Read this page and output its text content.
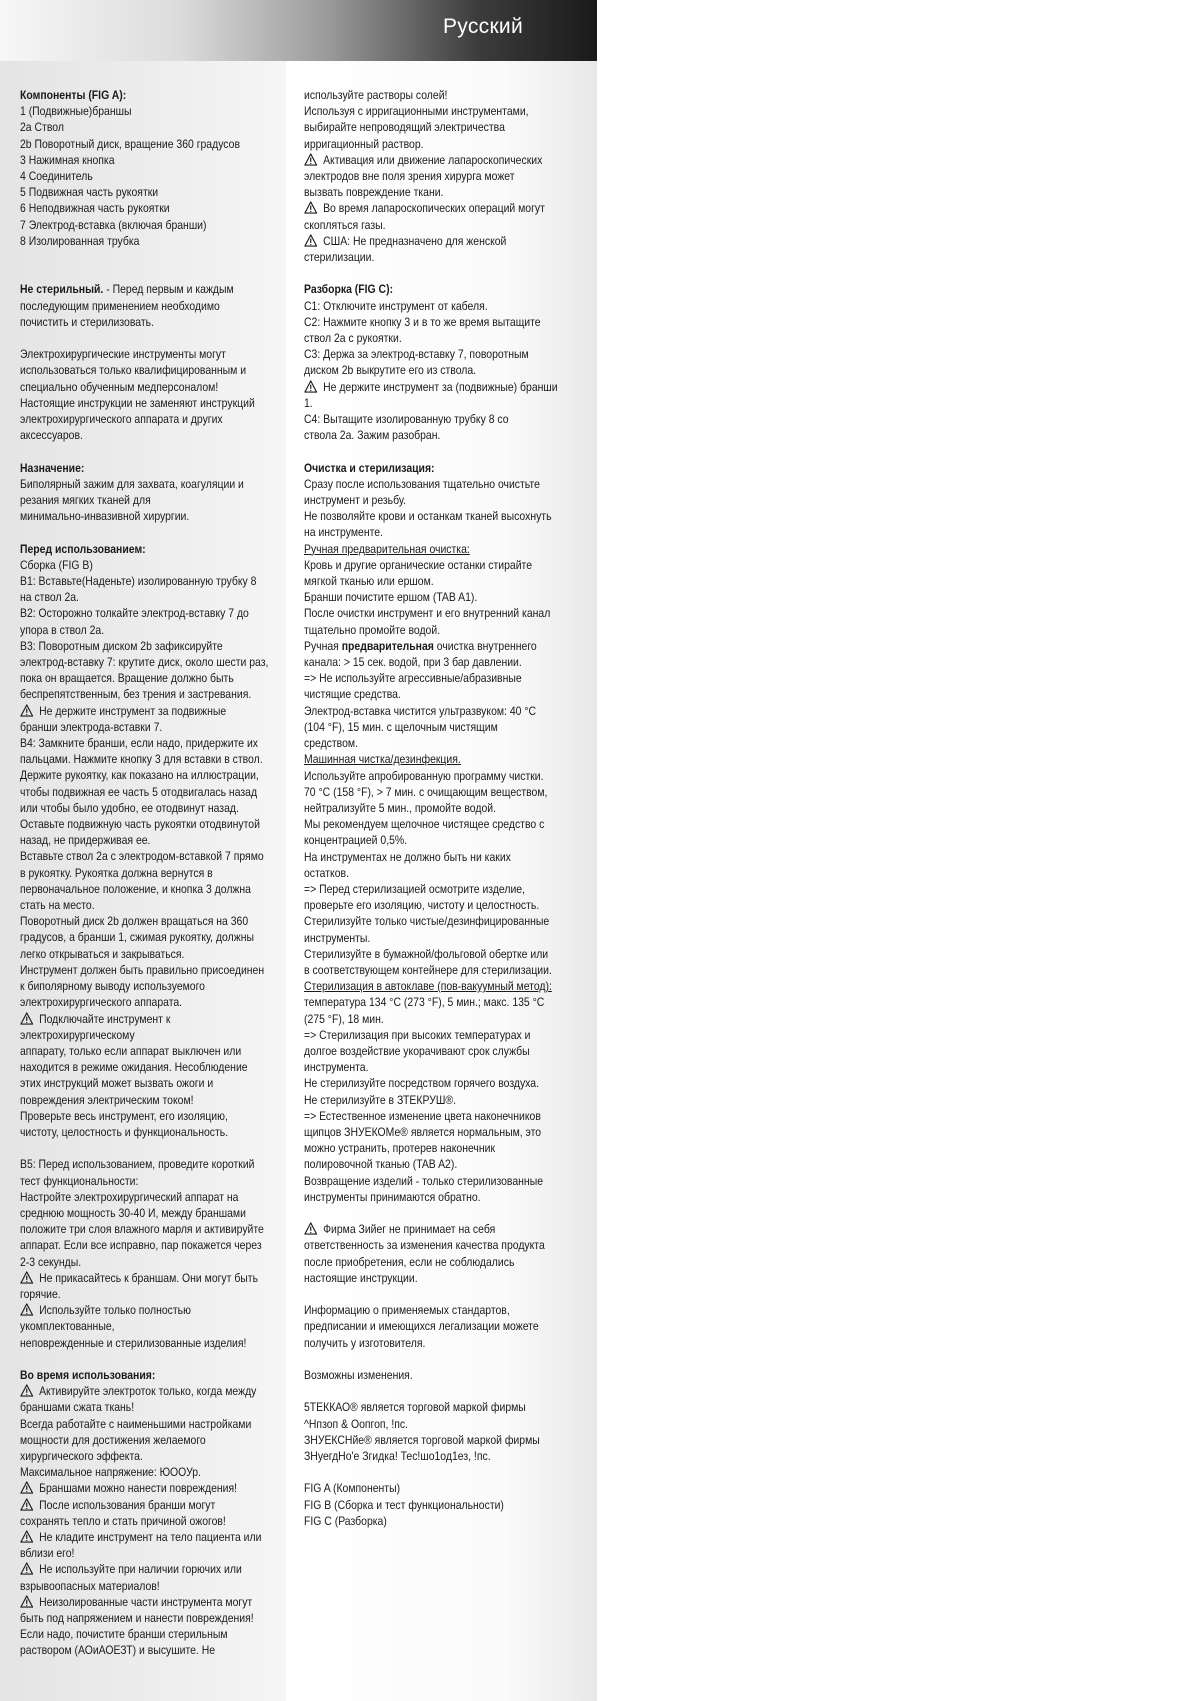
Русский
Компоненты (FIG A):
1 (Подвижные)браншы
2a Ствол
2b Поворотный диск, вращение 360 градусов
3 Нажимная кнопка
4 Соединитель
5 Подвижная часть рукоятки
6 Неподвижная часть рукоятки
7 Электрод-вставка (включая бранши)
8 Изолированная трубка
Не стерильный. - Перед первым и каждым
последующим применением необходимо
почистить и стерилизовать.
Электрохирургические инструменты могут
использоваться только квалифицированным и
специально обученным медперсоналом!
Настоящие инструкции не заменяют инструкций
электрохирургического аппарата и других
аксессуаров.
Назначение:
Биполярный зажим для захвата, коагуляции и
резания мягких тканей для
минимально-инвазивной хирургии.
Перед использованием:
Сборка (FIG B)
B1: Вставьте(Наденьте) изолированную трубку 8
на ствол 2a.
B2: Осторожно толкайте электрод-вставку 7 до
упора в ствол 2a.
B3: Поворотным диском 2b зафиксируйте
электрод-вставку 7: крутите диск, около шести раз,
пока он вращается. Вращение должно быть
беспрепятственным, без трения и застревания.
Не держите инструмент за подвижные
бранши электрода-вставки 7.
B4: Замкните бранши, если надо, придержите их
пальцами. Нажмите кнопку 3 для вставки в ствол.
Держите рукоятку, как показано на иллюстрации,
чтобы подвижная ее часть 5 отодвигалась назад
или чтобы было удобно, ее отодвинут назад.
Оставьте подвижную часть рукоятки отодвинутой
назад, не придерживая ее.
Вставьте ствол 2a с электродом-вставкой 7 прямо
в рукоятку. Рукоятка должна вернутся в
первоначальное положение, и кнопка 3 должна
стать на место.
Поворотный диск 2b должен вращаться на 360
градусов, а бранши 1, сжимая рукоятку, должны
легко открываться и закрываться.
Инструмент должен быть правильно присоединен
к биполярному выводу используемого
электрохирургического аппарата.
Подключайте инструмент к
электрохирургическому
аппарату, только если аппарат выключен или
находится в режиме ожидания. Несоблюдение
этих инструкций может вызвать ожоги и
повреждения электрическим током!
Проверьте весь инструмент, его изоляцию,
чистоту, целостность и функциональность.
B5: Перед использованием, проведите короткий
тест функциональности:
Настройте электрохирургический аппарат на
среднюю мощность 30-40 И, между браншами
положите три слоя влажного марля и активируйте
аппарат. Если все исправно, пар покажется через
2-3 секунды.
Не прикасайтесь к браншам. Они могут быть
горячие.
Используйте только полностью
укомплектованные,
неповрежденные и стерилизованные изделия!
Во время использования:
Активируйте электроток только, когда между
браншами сжата ткань!
Всегда работайте с наименьшими настройками
мощности для достижения желаемого
хирургического эффекта.
Максимальное напряжение: ЮООУр.
Браншами можно нанести повреждения!
После использования бранши могут
сохранять тепло и стать причиной ожогов!
Не кладите инструмент на тело пациента или
вблизи его!
Не используйте при наличии горючих или
взрывоопасных материалов!
Неизолированные части инструмента могут
быть под напряжением и нанести повреждения!
Если надо, почистите бранши стерильным
раствором (АОиАОЕЗТ) и высушите. Не
используйте растворы солей!
Используя с ирригационными инструментами,
выбирайте непроводящий электричества
ирригационный раствор.
Активация или движение лапароскопических
электродов вне поля зрения хирурга может
вызвать повреждение ткани.
Во время лапароскопических операций могут
скопляться газы.
США: Не предназначено для женской
стерилизации.
Разборка (FIG C):
C1: Отключите инструмент от кабеля.
C2: Нажмите кнопку 3 и в то же время вытащите
ствол 2a с рукоятки.
C3: Держа за электрод-вставку 7, поворотным
диском 2b выкрутите его из ствола.
Не держите инструмент за (подвижные) бранши
1.
C4: Вытащите изолированную трубку 8 со
ствола 2a. Зажим разобран.
Очистка и стерилизация:
Сразу после использования тщательно очистьте
инструмент и резьбу.
Не позволяйте крови и останкам тканей высохнуть
на инструменте.
Ручная предварительная очистка:
Кровь и другие органические останки стирайте
мягкой тканью или ершом.
Бранши почистите ершом (TAB A1).
После очистки инструмент и его внутренний канал
тщательно промойте водой.
Ручная предварительная очистка внутреннего
канала: > 15 сек. водой, при 3 бар давлении.
=> Не используйте агрессивные/абразивные
чистящие средства.
Электрод-вставка чистится ультразвуком: 40 °С
(104 °F), 15 мин. с щелочным чистящим
средством.
Машинная чистка/дезинфекция.
Используйте апробированную программу чистки.
70 °С (158 °F), > 7 мин. с очищающим веществом,
нейтрализуйте 5 мин., промойте водой.
Мы рекомендуем щелочное чистящее средство с
концентрацией 0,5%.
На инструментах не должно быть ни каких
остатков.
=> Перед стерилизацией осмотрите изделие,
проверьте его изоляцию, чистоту и целостность.
Стерилизуйте только чистые/дезинфицированные
инструменты.
Стерилизуйте в бумажной/фольговой обертке или
в соответствующем контейнере для стерилизации.
Стерилизация в автоклаве (пов-вакуумный метод):
температура 134 °С (273 °F), 5 мин.; макс. 135 °С
(275 °F), 18 мин.
=> Стерилизация при высоких температурах и
долгое воздействие укорачивают срок службы
инструмента.
Не стерилизуйте посредством горячего воздуха.
Не стерилизуйте в ЗТЕКРУШ®.
=> Естественное изменение цвета наконечников
щипцов ЗНУЕКОМе® является нормальным, это
можно устранить, протерев наконечник
полировочной тканью (TAB A2).
Возвращение изделий - только стерилизованные
инструменты принимаются обратно.
Фирма Зийег не принимает на себя
ответственность за изменения качества продукта
после приобретения, если не соблюдались
настоящие инструкции.
Информацию о применяемых стандартов,
предписании и имеющихся легализации можете
получить у изготовителя.
Возможны изменения.
5ТЕККАО® является торговой маркой фирмы
^Нпзоп & Оопгоп, !пс.
ЗНУЕКСНйе® является торговой маркой фирмы
ЗНуегдНо'е Згидка! Тес!шо1од1ез, !пс.
FIG A (Компоненты)
FIG B (Сборка и тест функциональности)
FIG C (Разборка)
